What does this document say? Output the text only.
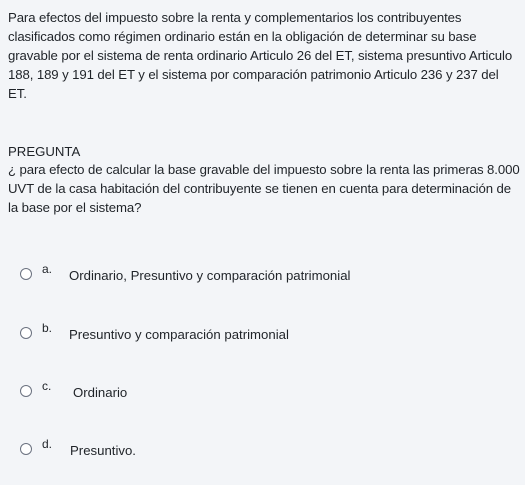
Para efectos del impuesto sobre la renta y complementarios los contribuyentes clasificados como régimen ordinario están en la obligación de determinar su base gravable por el sistema de renta ordinario Articulo 26 del ET, sistema presuntivo Articulo 188, 189 y 191 del ET y el sistema por comparación patrimonio Articulo 236 y 237 del ET.
PREGUNTA
¿ para efecto de calcular la base gravable del impuesto sobre la renta las primeras 8.000 UVT de la casa habitación del contribuyente se tienen en cuenta para determinación de la base por el sistema?
a. Ordinario, Presuntivo y comparación patrimonial
b. Presuntivo y comparación patrimonial
c. Ordinario
d. Presuntivo.
